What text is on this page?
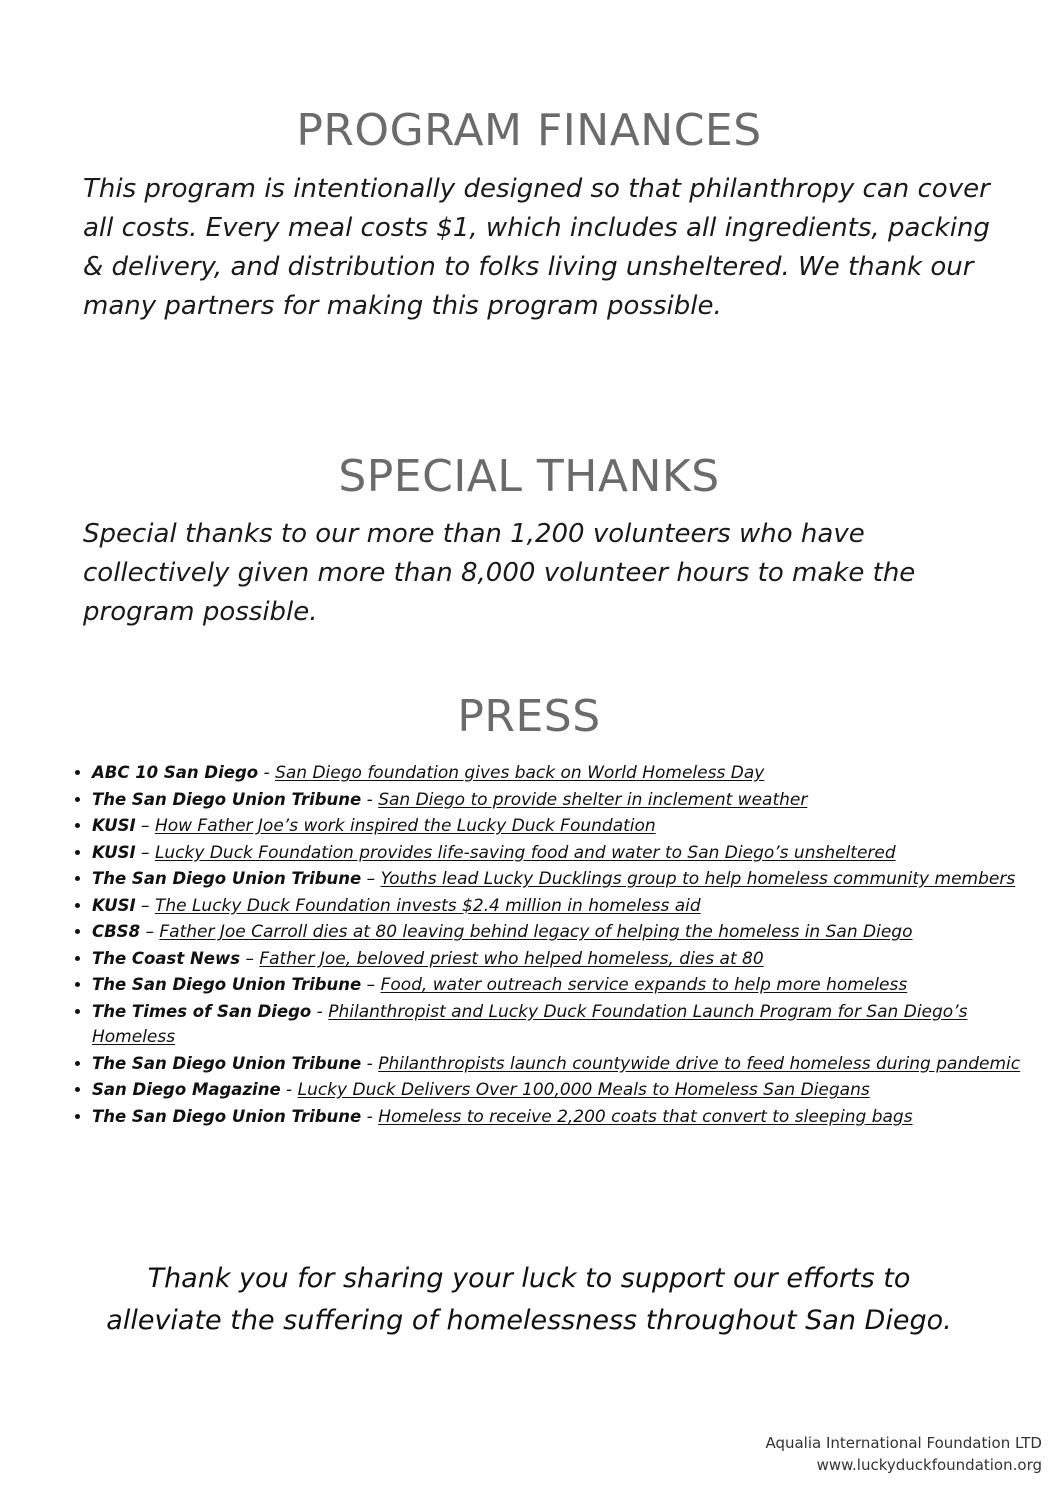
PROGRAM FINANCES

This program is intentionally designed so that philanthropy can cover all costs. Every meal costs $1, which includes all ingredients, packing & delivery, and distribution to folks living unsheltered. We thank our many partners for making this program possible.

SPECIAL THANKS

Special thanks to our more than 1,200 volunteers who have collectively given more than 8,000 volunteer hours to make the program possible.

PRESS
• ABC 10 San Diego - San Diego foundation gives back on World Homeless Day
• The San Diego Union Tribune - San Diego to provide shelter in inclement weather
• KUSI – How Father Joe’s work inspired the Lucky Duck Foundation
• KUSI – Lucky Duck Foundation provides life-saving food and water to San Diego’s unsheltered
• The San Diego Union Tribune – Youths lead Lucky Ducklings group to help homeless community members
• KUSI – The Lucky Duck Foundation invests $2.4 million in homeless aid
• CBS8 – Father Joe Carroll dies at 80 leaving behind legacy of helping the homeless in San Diego
• The Coast News – Father Joe, beloved priest who helped homeless, dies at 80
• The San Diego Union Tribune – Food, water outreach service expands to help more homeless
• The Times of San Diego - Philanthropist and Lucky Duck Foundation Launch Program for San Diego’s Homeless
• The San Diego Union Tribune - Philanthropists launch countywide drive to feed homeless during pandemic
• San Diego Magazine - Lucky Duck Delivers Over 100,000 Meals to Homeless San Diegans
• The San Diego Union Tribune - Homeless to receive 2,200 coats that convert to sleeping bags

Thank you for sharing your luck to support our efforts to
alleviate the suffering of homelessness throughout San Diego.

Aqualia International Foundation LTD
www.luckyduckfoundation.org
